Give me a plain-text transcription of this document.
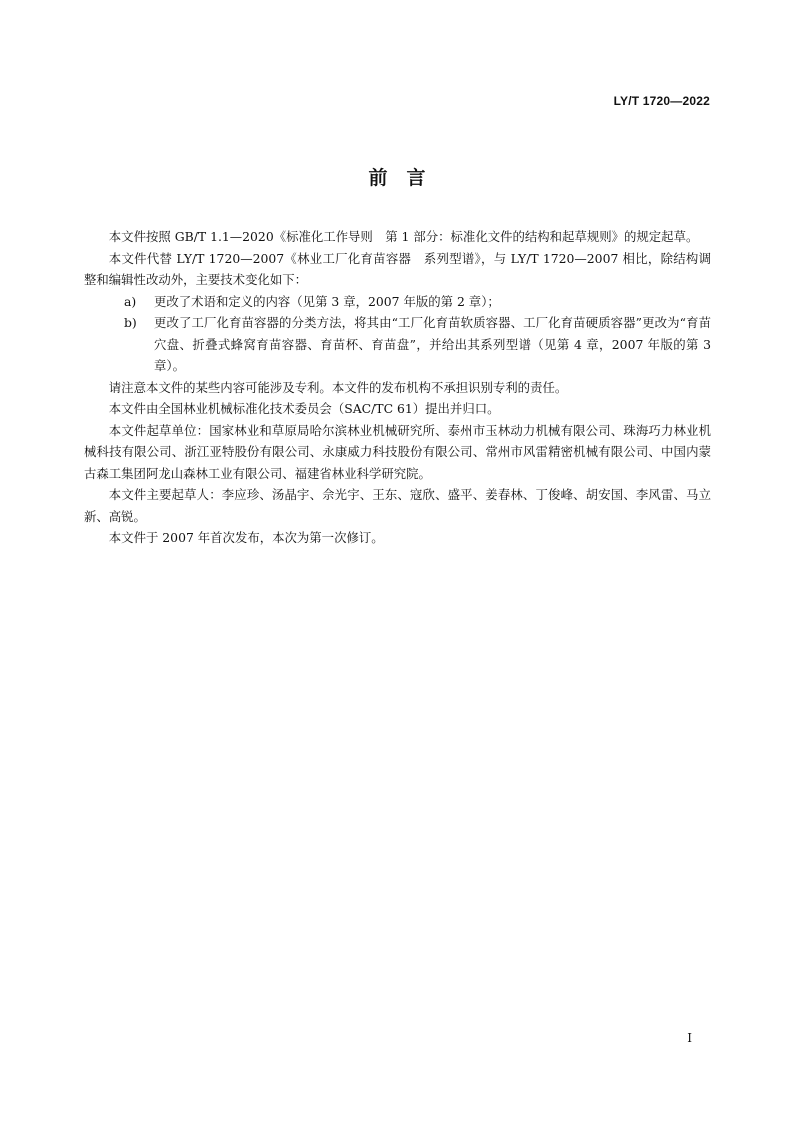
LY/T 1720—2022
前　言

本文件按照 GB/T 1.1—2020《标准化工作导则　第 1 部分：标准化文件的结构和起草规则》的规定起草。

本文件代替 LY/T 1720—2007《林业工厂化育苗容器　系列型谱》，与 LY/T 1720—2007 相比，除结构调整和编辑性改动外，主要技术变化如下：

a)	更改了术语和定义的内容（见第 3 章，2007 年版的第 2 章）；
b)	更改了工厂化育苗容器的分类方法，将其由“工厂化育苗软质容器、工厂化育苗硬质容器”更改为“育苗穴盘、折叠式蜂窝育苗容器、育苗杯、育苗盘”，并给出其系列型谱（见第 4 章，2007 年版的第 3 章）。

请注意本文件的某些内容可能涉及专利。本文件的发布机构不承担识别专利的责任。

本文件由全国林业机械标准化技术委员会（SAC/TC 61）提出并归口。

本文件起草单位：国家林业和草原局哈尔滨林业机械研究所、泰州市玉林动力机械有限公司、珠海巧力林业机械科技有限公司、浙江亚特股份有限公司、永康威力科技股份有限公司、常州市风雷精密机械有限公司、中国内蒙古森工集团阿龙山森林工业有限公司、福建省林业科学研究院。

本文件主要起草人：李应珍、汤晶宇、佘光宇、王东、寇欣、盛平、姜春林、丁俊峰、胡安国、李风雷、马立新、高锐。

本文件于 2007 年首次发布，本次为第一次修订。

I
